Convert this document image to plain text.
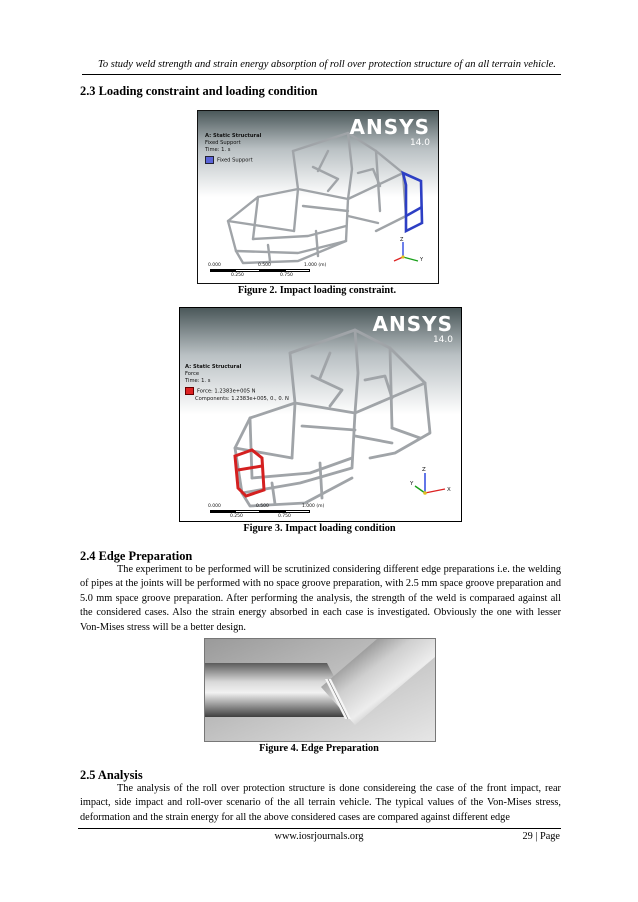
To study weld strength and strain energy absorption of roll over protection structure of an all terrain vehicle.
2.3 Loading constraint and loading condition
Z
Y
ANSYS
14.0
A: Static Structural
Fixed Support
Time: 1. s
Fixed Support
0.000	0.500	1.000 (m)
0.250	0.750
Figure 2. Impact loading constraint.
Z
X
Y
ANSYS
14.0
A: Static Structural
Force
Time: 1. s
Force: 1.2383e+005 N
Components: 1.2383e+005, 0., 0. N
0.000	0.500	1.000 (m)
0.250	0.750
Figure 3. Impact loading condition
2.4 Edge Preparation
The experiment to be performed will be scrutinized considering different edge preparations i.e. the welding of pipes at the joints will be performed with no space groove preparation, with 2.5 mm space groove preparation and 5.0 mm space groove preparation. After performing the analysis, the strength of the weld is comparaed against all the considered cases. Also the strain energy absorbed in each case is investigated. Obviously the one with lesser Von-Mises stress will be a better design.
Figure 4. Edge Preparation
2.5 Analysis
The analysis of the roll over protection structure is done considereing the case of the front impact, rear impact, side impact and roll-over scenario of the all terrain vehicle. The typical values of the Von-Mises stress, deformation and the strain energy for all the above considered cases are compared against different edge
www.iosrjournals.org	29 | Page
